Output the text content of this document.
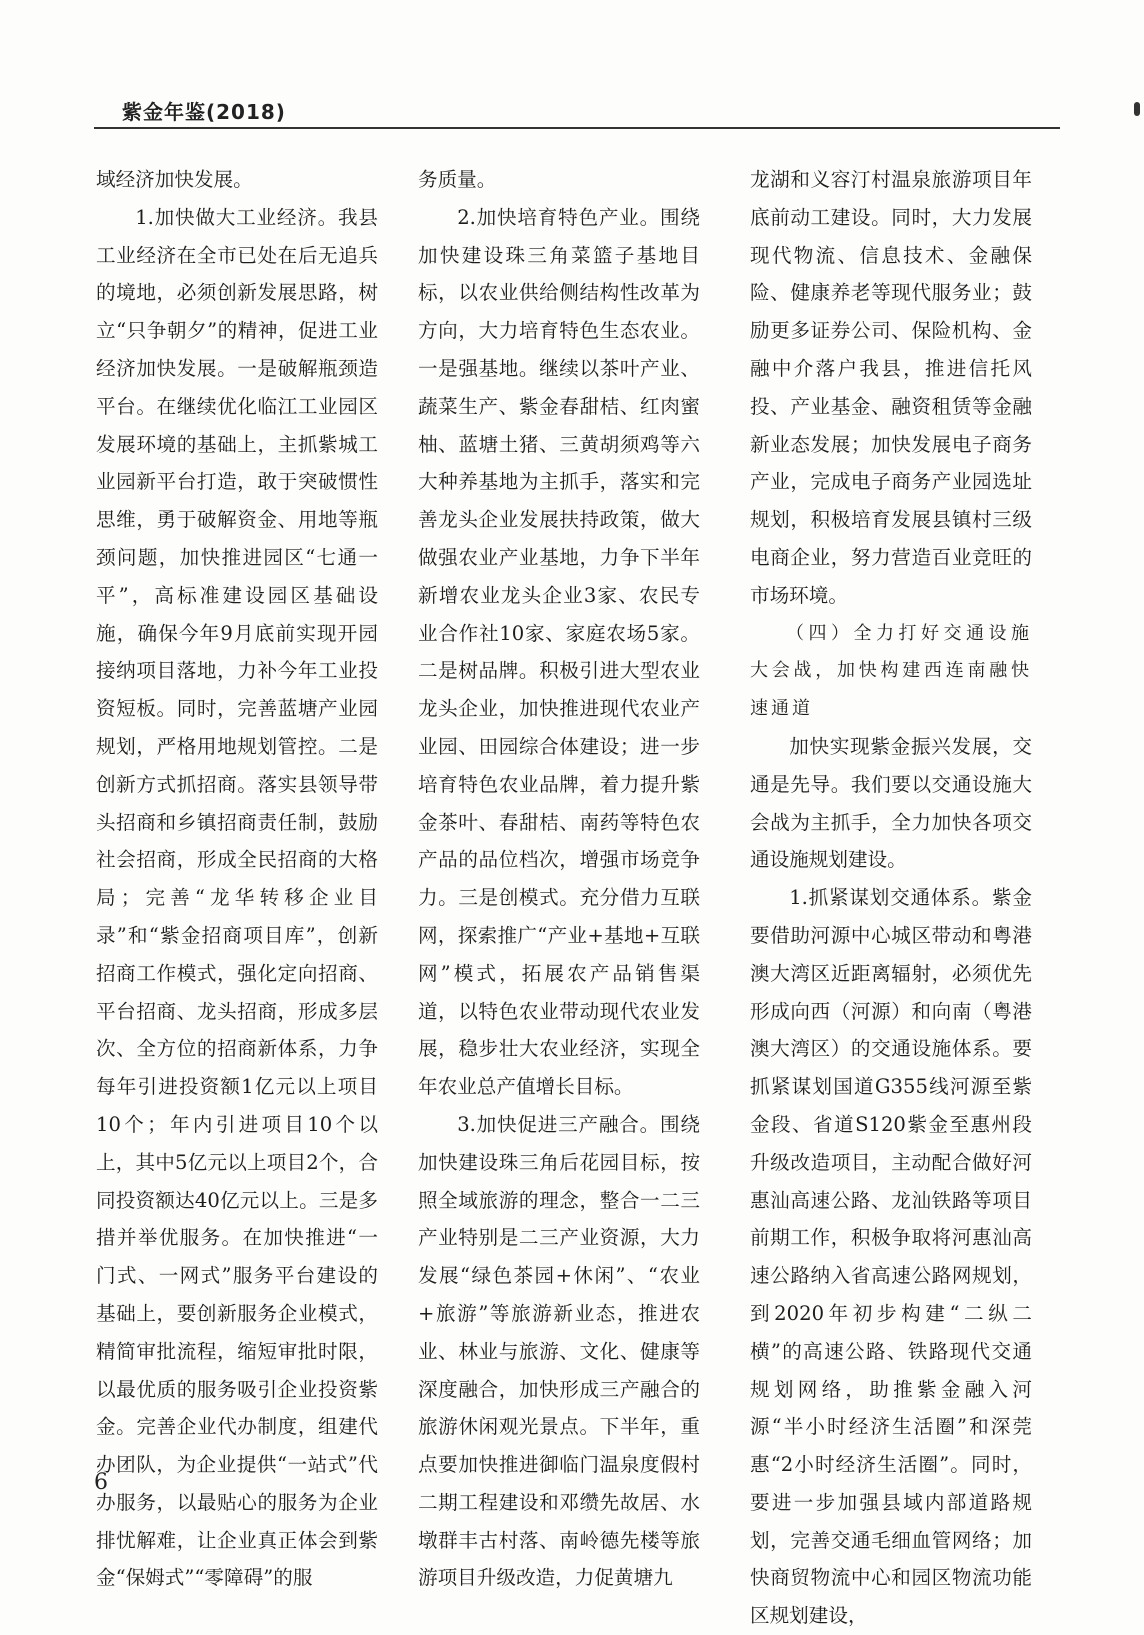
紫金年鉴(2018)

域经济加快发展。

1.加快做大工业经济。我县工业经济在全市已处在后无追兵的境地，必须创新发展思路，树立“只争朝夕”的精神，促进工业经济加快发展。一是破解瓶颈造平台。在继续优化临江工业园区发展环境的基础上，主抓紫城工业园新平台打造，敢于突破惯性思维，勇于破解资金、用地等瓶颈问题，加快推进园区“七通一平”，高标准建设园区基础设施，确保今年9月底前实现开园接纳项目落地，力补今年工业投资短板。同时，完善蓝塘产业园规划，严格用地规划管控。二是创新方式抓招商。落实县领导带头招商和乡镇招商责任制，鼓励社会招商，形成全民招商的大格局；完善“龙华转移企业目录”和“紫金招商项目库”，创新招商工作模式，强化定向招商、平台招商、龙头招商，形成多层次、全方位的招商新体系，力争每年引进投资额1亿元以上项目10个；年内引进项目10个以上，其中5亿元以上项目2个，合同投资额达40亿元以上。三是多措并举优服务。在加快推进“一门式、一网式”服务平台建设的基础上，要创新服务企业模式，精简审批流程，缩短审批时限，以最优质的服务吸引企业投资紫金。完善企业代办制度，组建代办团队，为企业提供“一站式”代办服务，以最贴心的服务为企业排忧解难，让企业真正体会到紫金“保姆式”“零障碍”的服

务质量。

2.加快培育特色产业。围绕加快建设珠三角菜篮子基地目标，以农业供给侧结构性改革为方向，大力培育特色生态农业。一是强基地。继续以茶叶产业、蔬菜生产、紫金春甜桔、红肉蜜柚、蓝塘土猪、三黄胡须鸡等六大种养基地为主抓手，落实和完善龙头企业发展扶持政策，做大做强农业产业基地，力争下半年新增农业龙头企业3家、农民专业合作社10家、家庭农场5家。二是树品牌。积极引进大型农业龙头企业，加快推进现代农业产业园、田园综合体建设；进一步培育特色农业品牌，着力提升紫金茶叶、春甜桔、南药等特色农产品的品位档次，增强市场竞争力。三是创模式。充分借力互联网，探索推广“产业+基地+互联网”模式，拓展农产品销售渠道，以特色农业带动现代农业发展，稳步壮大农业经济，实现全年农业总产值增长目标。

3.加快促进三产融合。围绕加快建设珠三角后花园目标，按照全域旅游的理念，整合一二三产业特别是二三产业资源，大力发展“绿色茶园+休闲”、“农业+旅游”等旅游新业态，推进农业、林业与旅游、文化、健康等深度融合，加快形成三产融合的旅游休闲观光景点。下半年，重点要加快推进御临门温泉度假村二期工程建设和邓缵先故居、水墩群丰古村落、南岭德先楼等旅游项目升级改造，力促黄塘九

龙湖和义容汀村温泉旅游项目年底前动工建设。同时，大力发展现代物流、信息技术、金融保险、健康养老等现代服务业；鼓励更多证券公司、保险机构、金融中介落户我县，推进信托风投、产业基金、融资租赁等金融新业态发展；加快发展电子商务产业，完成电子商务产业园选址规划，积极培育发展县镇村三级电商企业，努力营造百业竞旺的市场环境。

（四）全力打好交通设施大会战，加快构建西连南融快速通道

加快实现紫金振兴发展，交通是先导。我们要以交通设施大会战为主抓手，全力加快各项交通设施规划建设。

1.抓紧谋划交通体系。紫金要借助河源中心城区带动和粤港澳大湾区近距离辐射，必须优先形成向西（河源）和向南（粤港澳大湾区）的交通设施体系。要抓紧谋划国道G355线河源至紫金段、省道S120紫金至惠州段升级改造项目，主动配合做好河惠汕高速公路、龙汕铁路等项目前期工作，积极争取将河惠汕高速公路纳入省高速公路网规划，到2020年初步构建“二纵二横”的高速公路、铁路现代交通规划网络，助推紫金融入河源“半小时经济生活圈”和深莞惠“2小时经济生活圈”。同时，要进一步加强县域内部道路规划，完善交通毛细血管网络；加快商贸物流中心和园区物流功能区规划建设，

6
